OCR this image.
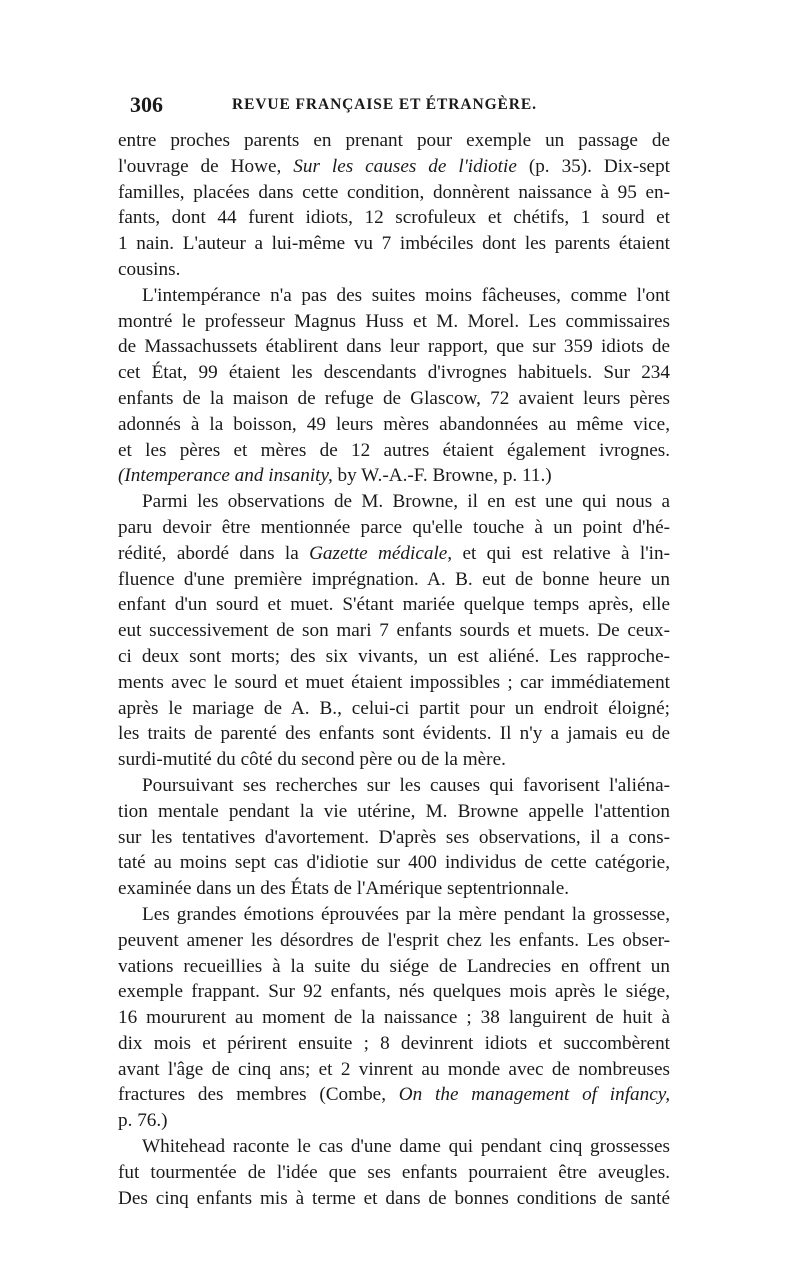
306	REVUE FRANÇAISE ET ÉTRANGÈRE.
entre proches parents en prenant pour exemple un passage de
l'ouvrage de Howe, Sur les causes de l'idiotie (p. 35). Dix-sept
familles, placées dans cette condition, donnèrent naissance à 95 en-
fants, dont 44 furent idiots, 12 scrofuleux et chétifs, 1 sourd et
1 nain. L'auteur a lui-même vu 7 imbéciles dont les parents étaient
cousins.
L'intempérance n'a pas des suites moins fâcheuses, comme l'ont
montré le professeur Magnus Huss et M. Morel. Les commissaires
de Massachussets établirent dans leur rapport, que sur 359 idiots de
cet État, 99 étaient les descendants d'ivrognes habituels. Sur 234
enfants de la maison de refuge de Glascow, 72 avaient leurs pères
adonnés à la boisson, 49 leurs mères abandonnées au même vice,
et les pères et mères de 12 autres étaient également ivrognes.
(Intemperance and insanity, by W.-A.-F. Browne, p. 11.)
Parmi les observations de M. Browne, il en est une qui nous a
paru devoir être mentionnée parce qu'elle touche à un point d'hé-
rédité, abordé dans la Gazette médicale, et qui est relative à l'in-
fluence d'une première imprégnation. A. B. eut de bonne heure un
enfant d'un sourd et muet. S'étant mariée quelque temps après, elle
eut successivement de son mari 7 enfants sourds et muets. De ceux-
ci deux sont morts; des six vivants, un est aliéné. Les rapproche-
ments avec le sourd et muet étaient impossibles ; car immédiatement
après le mariage de A. B., celui-ci partit pour un endroit éloigné;
les traits de parenté des enfants sont évidents. Il n'y a jamais eu de
surdi-mutité du côté du second père ou de la mère.
Poursuivant ses recherches sur les causes qui favorisent l'aliéna-
tion mentale pendant la vie utérine, M. Browne appelle l'attention
sur les tentatives d'avortement. D'après ses observations, il a cons-
taté au moins sept cas d'idiotie sur 400 individus de cette catégorie,
examinée dans un des États de l'Amérique septentrionnale.
Les grandes émotions éprouvées par la mère pendant la grossesse,
peuvent amener les désordres de l'esprit chez les enfants. Les obser-
vations recueillies à la suite du siége de Landrecies en offrent un
exemple frappant. Sur 92 enfants, nés quelques mois après le siége,
16 moururent au moment de la naissance ; 38 languirent de huit à
dix mois et périrent ensuite ; 8 devinrent idiots et succombèrent
avant l'âge de cinq ans; et 2 vinrent au monde avec de nombreuses
fractures des membres (Combe, On the management of infancy,
p. 76.)
Whitehead raconte le cas d'une dame qui pendant cinq grossesses
fut tourmentée de l'idée que ses enfants pourraient être aveugles.
Des cinq enfants mis à terme et dans de bonnes conditions de santé
